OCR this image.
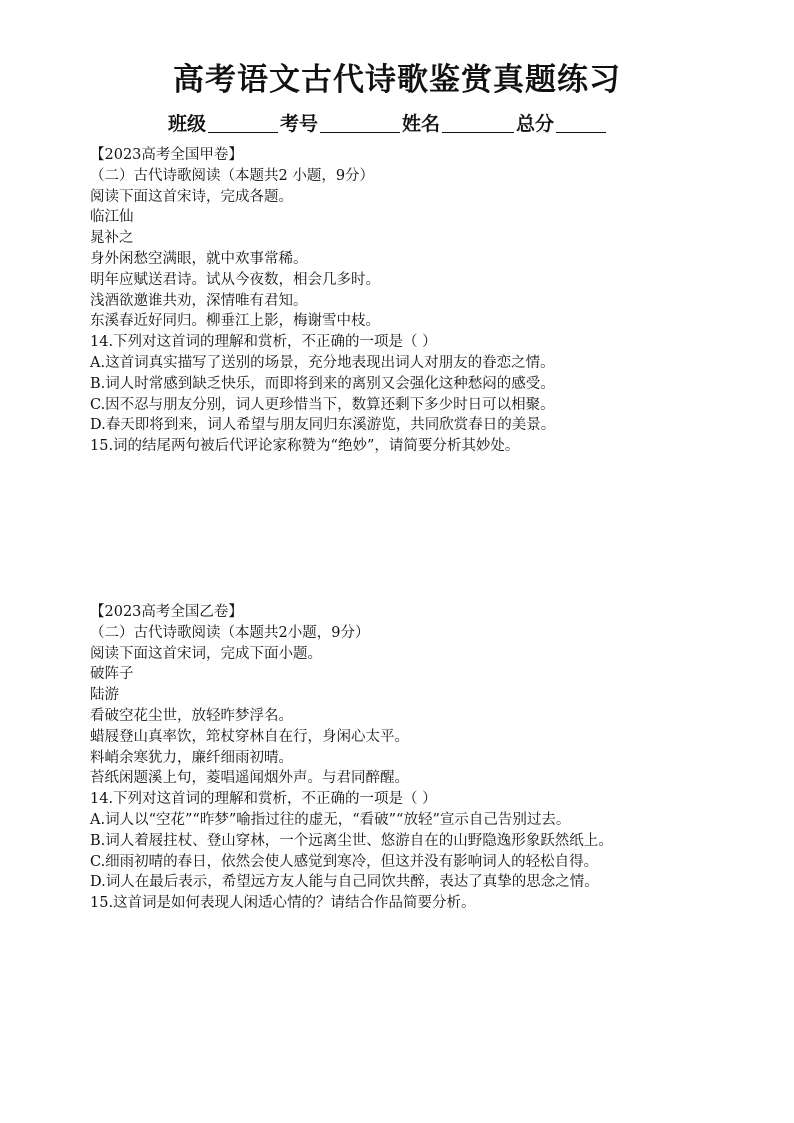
高考语文古代诗歌鉴赏真题练习
班级	考号	姓名	总分
【2023高考全国甲卷】
（二）古代诗歌阅读（本题共2 小题，9分）
阅读下面这首宋诗，完成各题。
临江仙
晁补之
身外闲愁空满眼，就中欢事常稀。
明年应赋送君诗。试从今夜数，相会几多时。
浅酒欲邀谁共劝，深情唯有君知。
东溪春近好同归。柳垂江上影，梅谢雪中枝。
14.下列对这首词的理解和赏析，不正确的一项是（ ）
A.这首词真实描写了送别的场景，充分地表现出词人对朋友的眷恋之情。
B.词人时常感到缺乏快乐，而即将到来的离别又会强化这种愁闷的感受。
C.因不忍与朋友分别，词人更珍惜当下，数算还剩下多少时日可以相聚。
D.春天即将到来，词人希望与朋友同归东溪游览，共同欣赏春日的美景。
15.词的结尾两句被后代评论家称赞为“绝妙”，请简要分析其妙处。
【2023高考全国乙卷】
（二）古代诗歌阅读（本题共2小题，9分）
阅读下面这首宋词，完成下面小题。
破阵子
陆游
看破空花尘世，放轻昨梦浮名。
蜡屐登山真率饮，筇杖穿林自在行，身闲心太平。
料峭余寒犹力，廉纤细雨初晴。
苔纸闲题溪上句，菱唱遥闻烟外声。与君同醉醒。
14.下列对这首词的理解和赏析，不正确的一项是（ ）
A.词人以“空花”“昨梦”喻指过往的虚无，“看破”“放轻”宣示自己告别过去。
B.词人着屐拄杖、登山穿林，一个远离尘世、悠游自在的山野隐逸形象跃然纸上。
C.细雨初晴的春日，依然会使人感觉到寒冷，但这并没有影响词人的轻松自得。
D.词人在最后表示，希望远方友人能与自己同饮共醉，表达了真挚的思念之情。
15.这首词是如何表现人闲适心情的？请结合作品简要分析。
